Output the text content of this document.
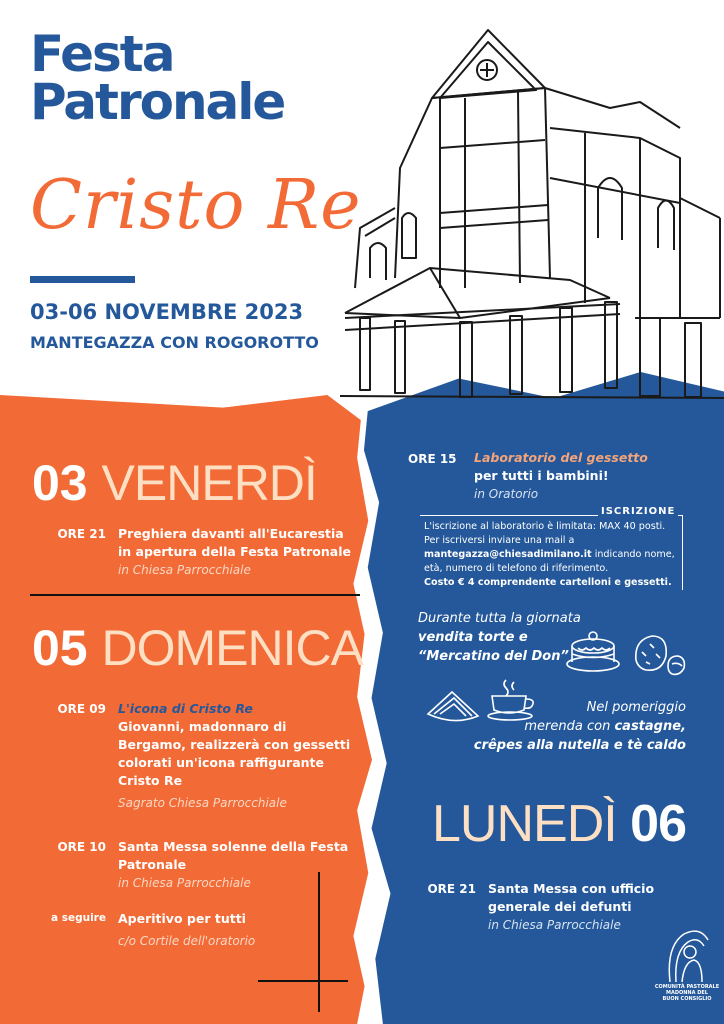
Festa
Patronale
Cristo Re
03-06 NOVEMBRE 2023
MANTEGAZZA CON ROGOROTTO
03 VENERDÌ
ORE 21 Preghiera davanti all'Eucarestia
in apertura della Festa Patronale
in Chiesa Parrocchiale
05 DOMENICA
ORE 09 L'icona di Cristo Re
Giovanni, madonnaro di
Bergamo, realizzerà con gessetti
colorati un'icona raffigurante
Cristo Re
Sagrato Chiesa Parrocchiale
ORE 10 Santa Messa solenne della Festa
Patronale
in Chiesa Parrocchiale
a seguire Aperitivo per tutti
c/o Cortile dell'oratorio
ORE 15 Laboratorio del gessetto
per tutti i bambini!
in Oratorio
ISCRIZIONE
L'iscrizione al laboratorio è limitata: MAX 40 posti.
Per iscriversi inviare una mail a
mantegazza@chiesadimilano.it indicando nome,
età, numero di telefono di riferimento.
Costo € 4 comprendente cartelloni e gessetti.
Durante tutta la giornata
vendita torte e
“Mercatino del Don”
Nel pomeriggio
merenda con castagne,
crêpes alla nutella e tè caldo
LUNEDÌ 06
ORE 21 Santa Messa con ufficio
generale dei defunti
in Chiesa Parrocchiale
COMUNITÀ PASTORALE
MADONNA DEL
BUON CONSIGLIO
